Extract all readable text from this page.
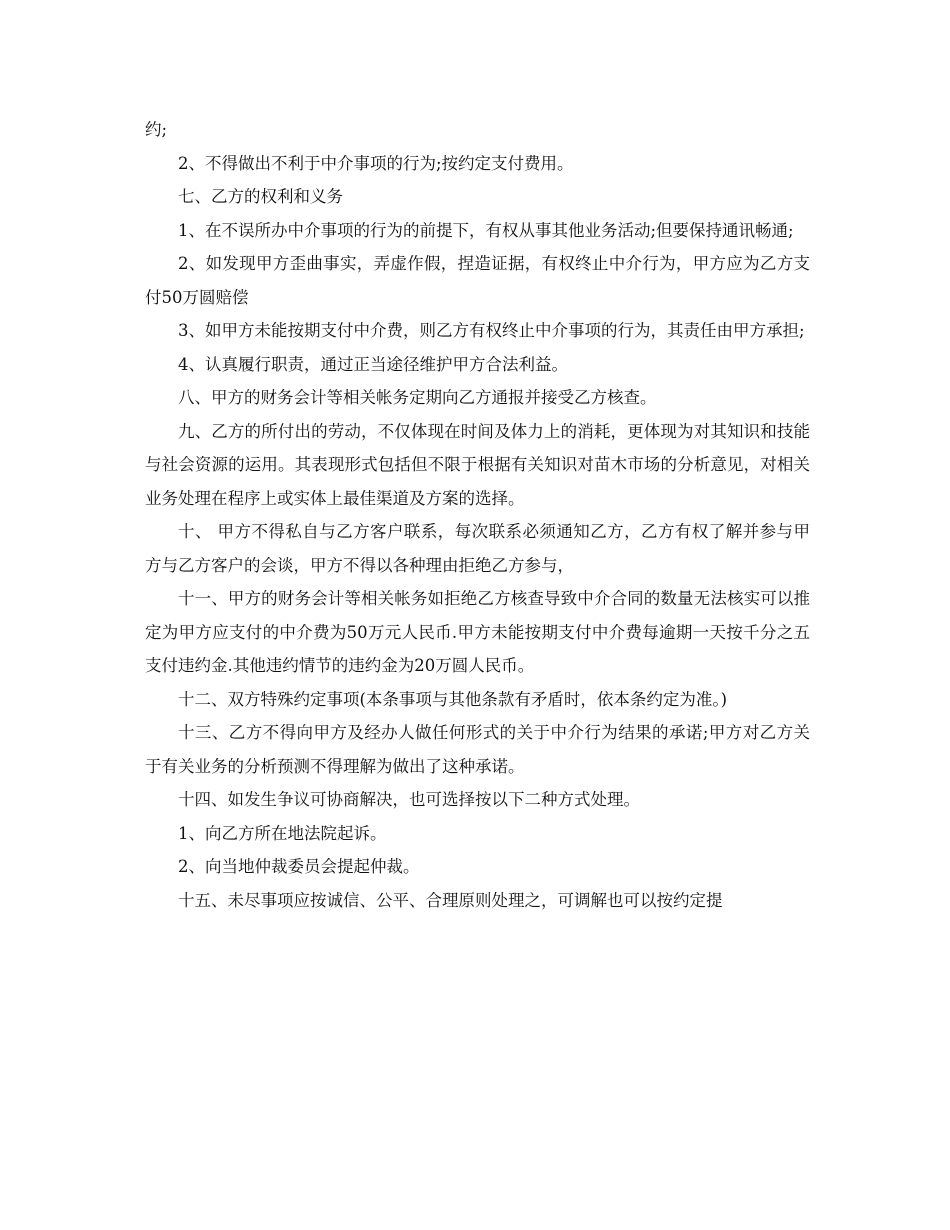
约;

2、不得做出不利于中介事项的行为;按约定支付费用。

七、乙方的权利和义务

1、在不误所办中介事项的行为的前提下，有权从事其他业务活动;但要保持通讯畅通;

2、如发现甲方歪曲事实，弄虚作假，捏造证据，有权终止中介行为，甲方应为乙方支付50万圆赔偿

3、如甲方未能按期支付中介费，则乙方有权终止中介事项的行为，其责任由甲方承担;

4、认真履行职责，通过正当途径维护甲方合法利益。

八、甲方的财务会计等相关帐务定期向乙方通报并接受乙方核查。

九、乙方的所付出的劳动，不仅体现在时间及体力上的消耗，更体现为对其知识和技能与社会资源的运用。其表现形式包括但不限于根据有关知识对苗木市场的分析意见，对相关业务处理在程序上或实体上最佳渠道及方案的选择。

十、 甲方不得私自与乙方客户联系，每次联系必须通知乙方，乙方有权了解并参与甲方与乙方客户的会谈，甲方不得以各种理由拒绝乙方参与，

十一、甲方的财务会计等相关帐务如拒绝乙方核查导致中介合同的数量无法核实可以推定为甲方应支付的中介费为50万元人民币.甲方未能按期支付中介费每逾期一天按千分之五支付违约金.其他违约情节的违约金为20万圆人民币。

十二、双方特殊约定事项(本条事项与其他条款有矛盾时，依本条约定为准。)

十三、乙方不得向甲方及经办人做任何形式的关于中介行为结果的承诺;甲方对乙方关于有关业务的分析预测不得理解为做出了这种承诺。

十四、如发生争议可协商解决，也可选择按以下二种方式处理。

1、向乙方所在地法院起诉。

2、向当地仲裁委员会提起仲裁。

十五、未尽事项应按诚信、公平、合理原则处理之，可调解也可以按约定提
